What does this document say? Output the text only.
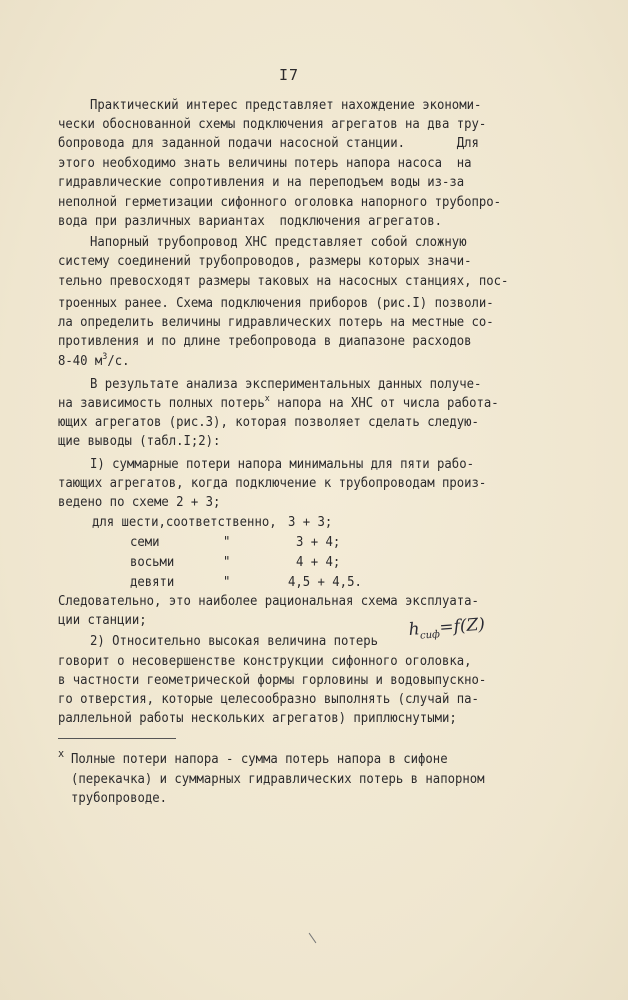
I7
Практический интерес представляет нахождение экономи-
чески обоснованной схемы подключения агрегатов на два тру-
бопровода для заданной подачи насосной станции.       Для
этого необходимо знать величины потерь напора насоса  на
гидравлические сопротивления и на переподъем воды из-за
неполной герметизации сифонного оголовка напорного трубопро-
вода при различных вариантах  подключения агрегатов.
Напорный трубопровод ХНС представляет собой сложную
систему соединений трубопроводов, размеры которых значи-
тельно превосходят размеры таковых на насосных станциях, пос-
троенных ранее. Схема подключения приборов (рис.I) позволи-
ла определить величины гидравлических потерь на местные со-
противления и по длине требопровода в диапазоне расходов
8-40 $м^3/с$.
В результате анализа экспериментальных данных получе-
на зависимость полных потерь$^х$ напора на ХНС от числа работа-
ющих агрегатов (рис.3), которая позволяет сделать следую-
щие выводы (табл.I;2):
I) суммарные потери напора минимальны для пяти рабо-
тающих агрегатов, когда подключение к трубопроводам произ-
ведено по схеме 2 + 3;
для шести,соответственно, 3 + 3;
семи	"	3 + 4;
восьми	"	4 + 4;
девяти	"	4,5 + 4,5.
Следовательно, это наиболее рациональная схема эксплуата-
ции станции;
2) Относительно высокая величина потерь
$h_{сиф}=f(Z)$
говорит о несовершенстве конструкции сифонного оголовка,
в частности геометрической формы горловины и водовыпускно-
го отверстия, которые целесообразно выполнять (случай па-
раллельной работы нескольких агрегатов) приплюснутыми;
х Полные потери напора - сумма потерь напора в сифоне
(перекачка) и суммарных гидравлических потерь в напорном
трубопроводе.
